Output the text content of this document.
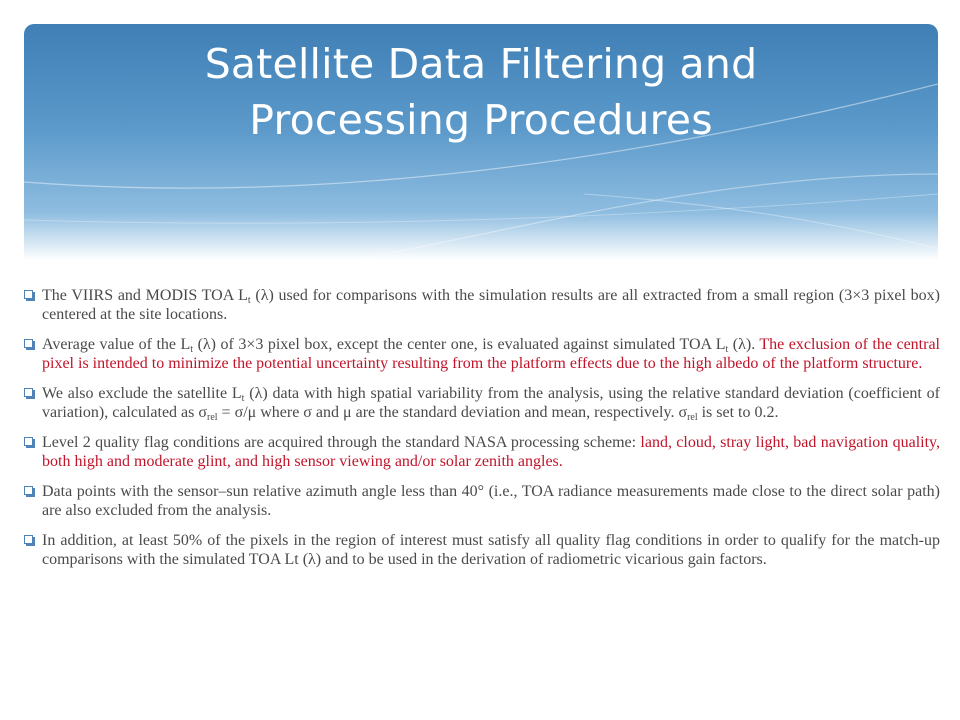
Satellite Data Filtering and
Processing Procedures
The VIIRS and MODIS TOA $L_t$ (λ) used for comparisons with the simulation results are all extracted from a small region (3×3 pixel box) centered at the site locations.
Average value of the $L_t$ (λ) of 3×3 pixel box, except the center one, is evaluated against simulated TOA $L_t$ (λ). The exclusion of the central pixel is intended to minimize the potential uncertainty resulting from the platform effects due to the high albedo of the platform structure.
We also exclude the satellite $L_t$ (λ) data with high spatial variability from the analysis, using the relative standard deviation (coefficient of variation), calculated as $\sigma_{rel} = \sigma/\mu$ where σ and μ are the standard deviation and mean, respectively. $\sigma_{rel}$ is set to 0.2.
Level 2 quality flag conditions are acquired through the standard NASA processing scheme: land, cloud, stray light, bad navigation quality, both high and moderate glint, and high sensor viewing and/or solar zenith angles.
Data points with the sensor–sun relative azimuth angle less than 40° (i.e., TOA radiance measurements made close to the direct solar path) are also excluded from the analysis.
In addition, at least 50% of the pixels in the region of interest must satisfy all quality flag conditions in order to qualify for the match-up comparisons with the simulated TOA Lt (λ) and to be used in the derivation of radiometric vicarious gain factors.
